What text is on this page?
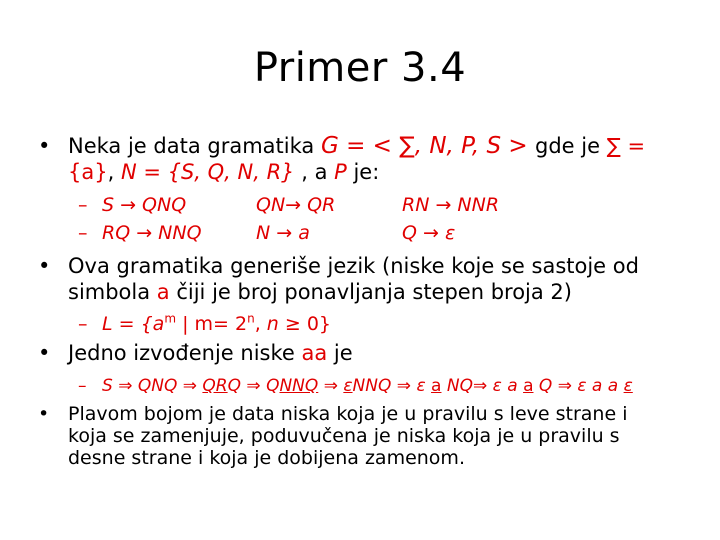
Primer 3.4
• Neka je data gramatika G = < ∑, N, P, S > gde je ∑ =
{a}, N = {S, Q, N, R} , a P je:
– S → QNQ	QN→ QR	RN → NNR
– RQ → NNQ	N → a	Q → ε
• Ova gramatika generiše jezik (niske koje se sastoje od
simbola a čiji je broj ponavljanja stepen broja 2)
– $L = \{a^m$ | $m= 2^n$, n ≥ 0}
• Jedno izvođenje niske aa je
– S ⇒ QNQ ⇒ QRQ ⇒ QNNQ ⇒ εNNQ ⇒ ε a NQ⇒ ε a a Q ⇒ ε a a ε
• Plavom bojom je data niska koja je u pravilu s leve strane i
koja se zamenjuje, poduvučena je niska koja je u pravilu s
desne strane i koja je dobijena zamenom.
